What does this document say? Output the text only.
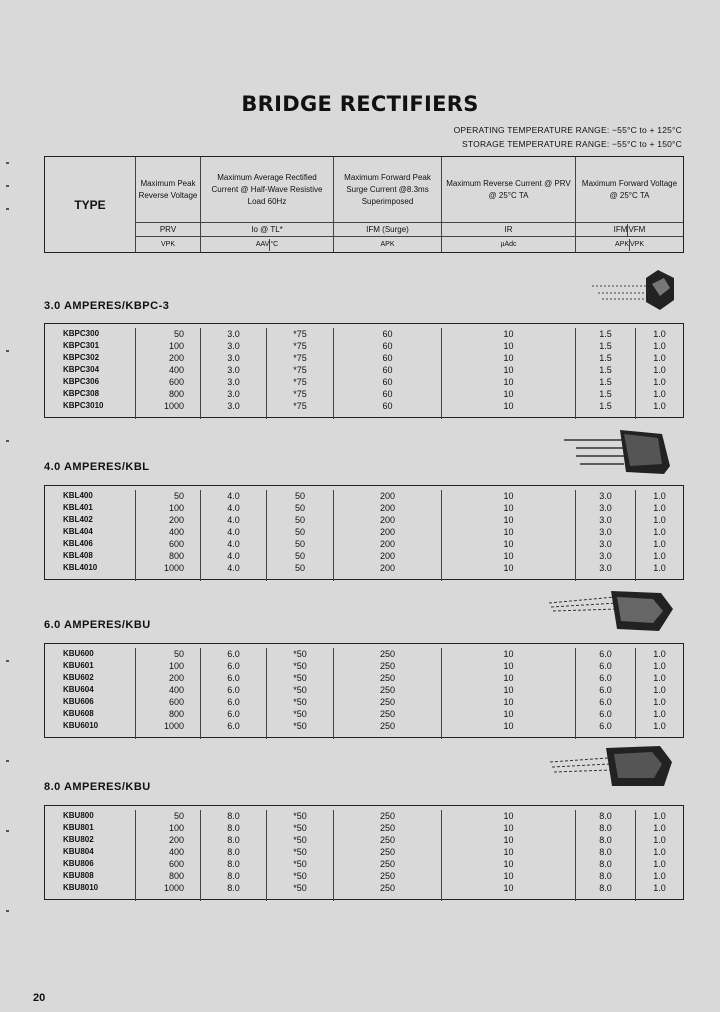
BRIDGE RECTIFIERS
OPERATING TEMPERATURE RANGE: −55°C to + 125°C
STORAGE TEMPERATURE RANGE: −55°C to + 150°C
TYPE
Maximum Peak Reverse Voltage
Maximum Average Rectified Current @ Half-Wave Resistive Load 60Hz
Maximum Forward Peak Surge Current @8.3ms Superimposed
Maximum Reverse Current @ PRV @ 25°C TA
Maximum Forward Voltage @ 25°C TA
PRV	Io @ TL*	IFM (Surge)	IR	IFM VFM
VPK	AAV °C	APK	µAdc	APK VPK
3.0 AMPERES/KBPC-3
4.0 AMPERES/KBL
6.0 AMPERES/KBU
8.0 AMPERES/KBU
KBPC300	50	3.0	*75	60	10	1.5	1.0
KBPC301	100	3.0	*75	60	10	1.5	1.0
KBPC302	200	3.0	*75	60	10	1.5	1.0
KBPC304	400	3.0	*75	60	10	1.5	1.0
KBPC306	600	3.0	*75	60	10	1.5	1.0
KBPC308	800	3.0	*75	60	10	1.5	1.0
KBPC3010	1000	3.0	*75	60	10	1.5	1.0
KBL400	50	4.0	50	200	10	3.0	1.0
KBL401	100	4.0	50	200	10	3.0	1.0
KBL402	200	4.0	50	200	10	3.0	1.0
KBL404	400	4.0	50	200	10	3.0	1.0
KBL406	600	4.0	50	200	10	3.0	1.0
KBL408	800	4.0	50	200	10	3.0	1.0
KBL4010	1000	4.0	50	200	10	3.0	1.0
KBU600	50	6.0	*50	250	10	6.0	1.0
KBU601	100	6.0	*50	250	10	6.0	1.0
KBU602	200	6.0	*50	250	10	6.0	1.0
KBU604	400	6.0	*50	250	10	6.0	1.0
KBU606	600	6.0	*50	250	10	6.0	1.0
KBU608	800	6.0	*50	250	10	6.0	1.0
KBU6010	1000	6.0	*50	250	10	6.0	1.0
KBU800	50	8.0	*50	250	10	8.0	1.0
KBU801	100	8.0	*50	250	10	8.0	1.0
KBU802	200	8.0	*50	250	10	8.0	1.0
KBU804	400	8.0	*50	250	10	8.0	1.0
KBU806	600	8.0	*50	250	10	8.0	1.0
KBU808	800	8.0	*50	250	10	8.0	1.0
KBU8010	1000	8.0	*50	250	10	8.0	1.0
20
